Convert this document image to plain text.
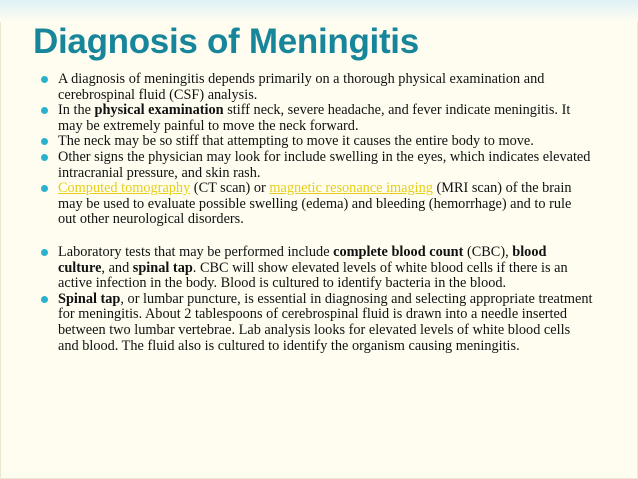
Diagnosis of Meningitis
A diagnosis of meningitis depends primarily on a thorough physical examination and cerebrospinal fluid (CSF) analysis.
In the physical examination stiff neck, severe headache, and fever indicate meningitis. It may be extremely painful to move the neck forward.
The neck may be so stiff that attempting to move it causes the entire body to move.
Other signs the physician may look for include swelling in the eyes, which indicates elevated intracranial pressure, and skin rash.
Computed tomography (CT scan) or magnetic resonance imaging (MRI scan) of the brain may be used to evaluate possible swelling (edema) and bleeding (hemorrhage) and to rule out other neurological disorders.
Laboratory tests that may be performed include complete blood count (CBC), blood culture, and spinal tap. CBC will show elevated levels of white blood cells if there is an active infection in the body. Blood is cultured to identify bacteria in the blood.
Spinal tap, or lumbar puncture, is essential in diagnosing and selecting appropriate treatment for meningitis. About 2 tablespoons of cerebrospinal fluid is drawn into a needle inserted between two lumbar vertebrae. Lab analysis looks for elevated levels of white blood cells and blood. The fluid also is cultured to identify the organism causing meningitis.
